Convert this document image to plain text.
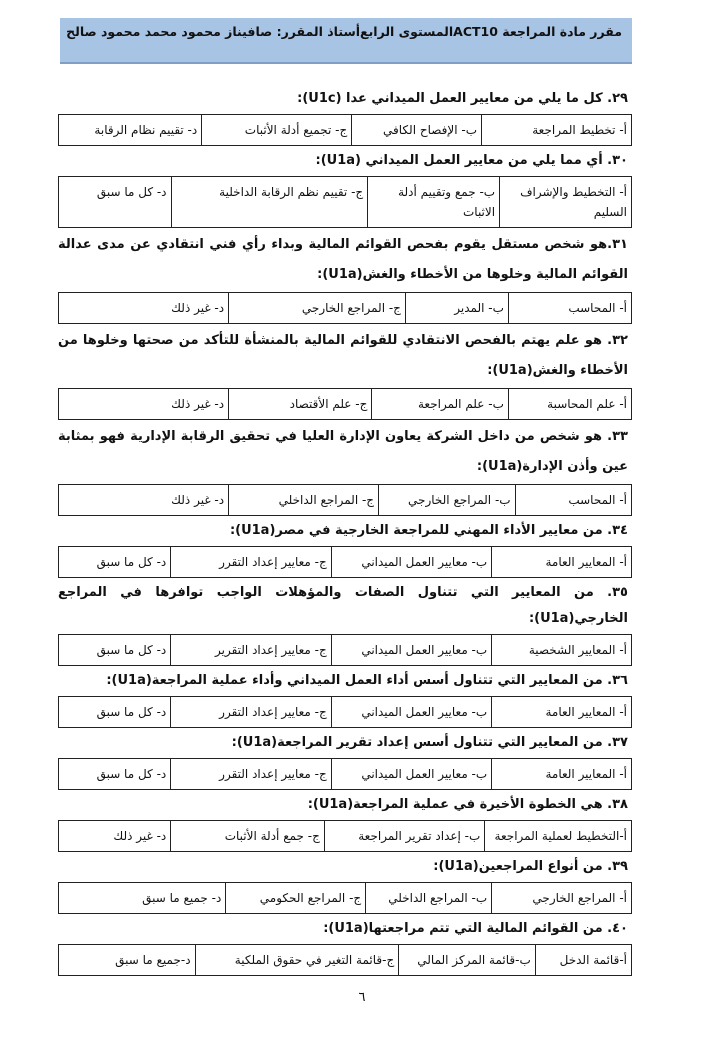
مقرر مادة المراجعة ACT10
المستوى الرابع
أستاذ المقرر: صافيناز محمود محمد محمود صالح
٢٩. كل ما يلي من معايير العمل الميداني عدا (U1c):
أ- تخطيط المراجعة
ب- الإفصاح الكافي
ج- تجميع أدلة الأثبات
د- تقييم نظام الرقابة
٣٠. أي مما يلي من معايير العمل الميداني (U1a):
أ- التخطيط والإشراف السليم
ب- جمع وتقييم أدلة الاثبات
ج- تقييم نظم الرقابة الداخلية
د- كل ما سبق
٣١.هو شخص مستقل يقوم بفحص القوائم المالية وبداء رأي فني انتقادي عن مدى عدالة القوائم المالية وخلوها من الأخطاء والغش(U1a):
أ- المحاسب
ب- المدير
ج- المراجع الخارجي
د- غير ذلك
٣٢. هو علم يهتم بالفحص الانتقادي للقوائم المالية بالمنشأة للتأكد من صحتها وخلوها من الأخطاء والغش(U1a):
أ- علم المحاسبة
ب- علم المراجعة
ج- علم الأقتصاد
د- غير ذلك
٣٣. هو شخص من داخل الشركة يعاون الإدارة العليا في تحقيق الرقابة الإدارية فهو بمثابة عين وأذن الإدارة(U1a):
أ- المحاسب
ب- المراجع الخارجي
ج- المراجع الداخلي
د- غير ذلك
٣٤. من معايير الأداء المهني للمراجعة الخارجية في مصر(U1a):
أ- المعايير العامة
ب- معايير العمل الميداني
ج- معايير إعداد التقرر
د- كل ما سبق
٣٥. من المعايير التي تتناول الصفات والمؤهلات الواجب توافرها في المراجع الخارجي(U1a):
أ- المعايير الشخصية
ب- معايير العمل الميداني
ج- معايير إعداد التقرير
د- كل ما سبق
٣٦. من المعايير التي تتناول أسس أداء العمل الميداني وأداء عملية المراجعة(U1a):
أ- المعايير العامة
ب- معايير العمل الميداني
ج- معايير إعداد التقرر
د- كل ما سبق
٣٧. من المعايير التي تتناول أسس إعداد تقرير المراجعة(U1a):
أ- المعايير العامة
ب- معايير العمل الميداني
ج- معايير إعداد التقرر
د- كل ما سبق
٣٨. هي الخطوة الأخيرة في عملية المراجعة(U1a):
أ-التخطيط لعملية المراجعة
ب- إعداد تقرير المراجعة
ج- جمع أدلة الأثبات
د- غير ذلك
٣٩. من أنواع المراجعين(U1a):
أ- المراجع الخارجي
ب- المراجع الداخلي
ج- المراجع الحكومي
د- جميع ما سبق
٤٠. من القوائم المالية التي تتم مراجعتها(U1a):
أ-قائمة الدخل
ب-قائمة المركز المالي
ج-قائمة التغير في حقوق الملكية
د-جميع ما سبق
٦
